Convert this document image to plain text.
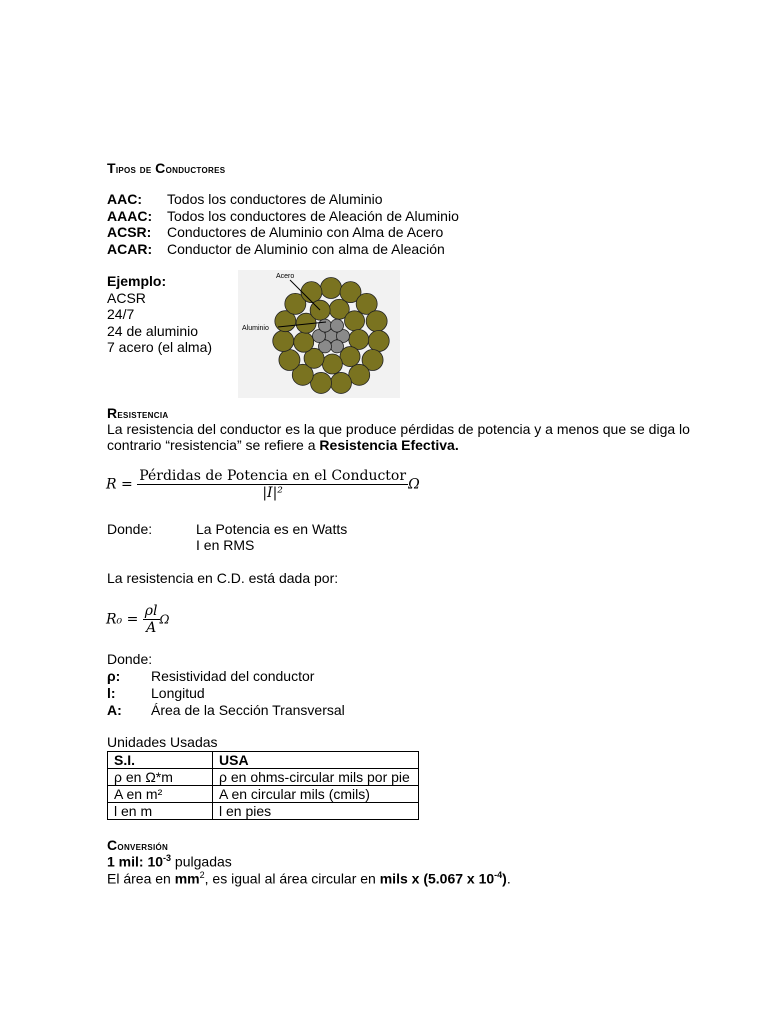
Tipos de Conductores
AAC: Todos los conductores de Aluminio
AAAC: Todos los conductores de Aleación de Aluminio
ACSR: Conductores de Aluminio con Alma de Acero
ACAR: Conductor de Aluminio con alma de Aleación
Ejemplo:
ACSR
24/7
24 de aluminio
7 acero (el alma)
Acero
Aluminio
Resistencia
La resistencia del conductor es la que produce pérdidas de potencia y a menos que se diga lo
contrario “resistencia” se refiere a Resistencia Efectiva.
$R = \frac{\text{Pérdidas de Potencia en el Conductor}}{\text{|I|²}}$ Ω
Donde:	La Potencia es en Watts
I en RMS
La resistencia en C.D. está dada por:
$R_0 = \frac{\rho l}{A}$ Ω
Donde:
ρ: Resistividad del conductor
l:	Longitud
A: Área de la Sección Transversal
Unidades Usadas
S.I.	USA
ρ en Ω*m	ρ en ohms-circular mils por pie
A en m²	A en circular mils (cmils)
l en m	l en pies
Conversión
1 mil: $10^{-3}$ pulgadas
El área en $mm^2$, es igual al área circular en mils x (5.067 x $10^{-4}$).
